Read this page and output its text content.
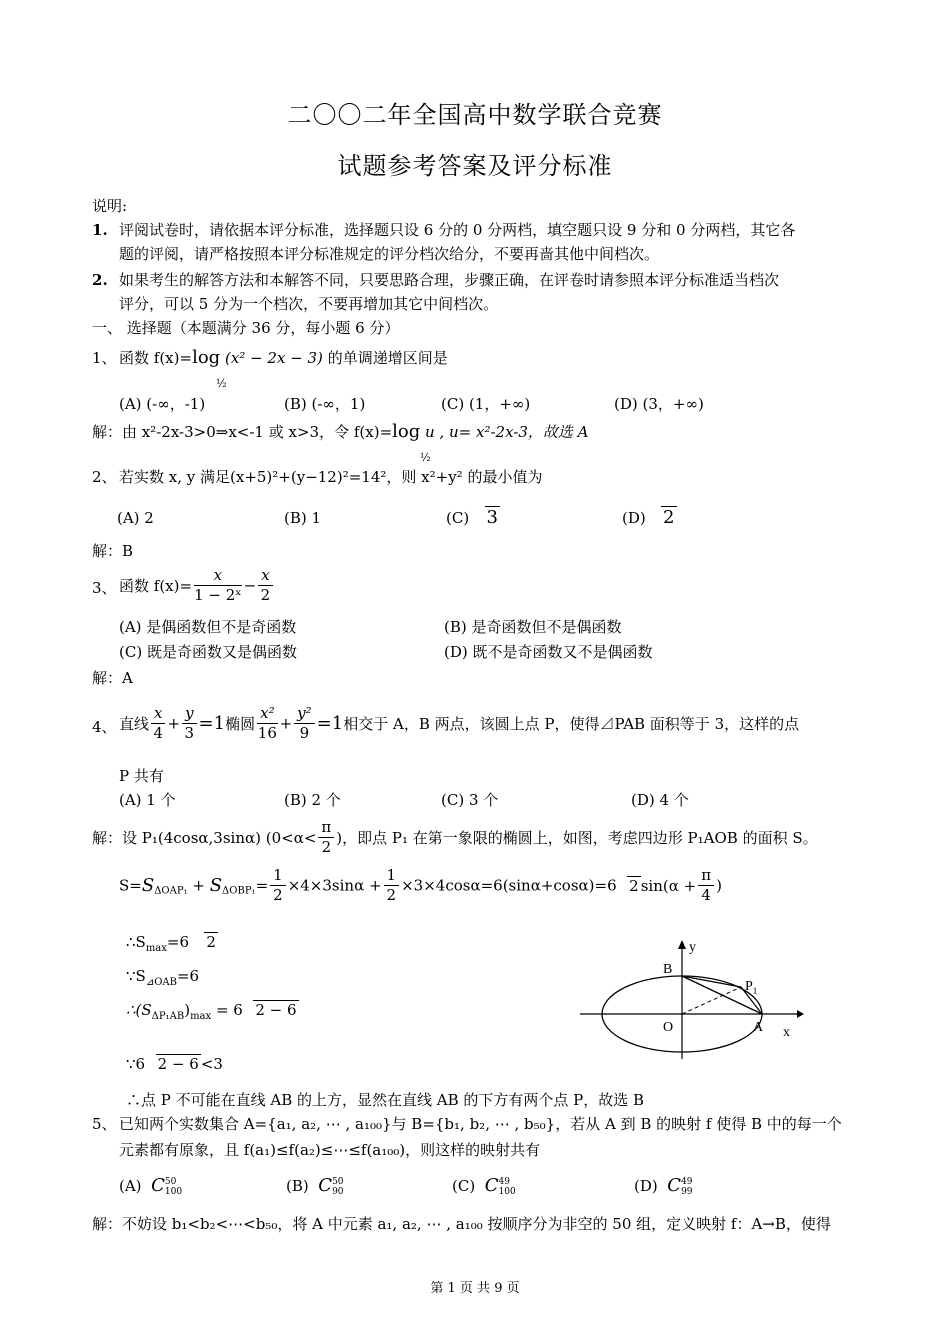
二〇〇二年全国高中数学联合竞赛
试题参考答案及评分标准
说明:
1. 评阅试卷时，请依据本评分标准，选择题只设 6 分的 0 分两档，填空题只设 9 分和 0 分两档，其它各
题的评阅，请严格按照本评分标准规定的评分档次给分，不要再啬其他中间档次。
2. 如果考生的解答方法和本解答不同，只要思路合理，步骤正确，在评卷时请参照本评分标准适当档次
评分，可以 5 分为一个档次，不要再增加其它中间档次。
一、 选择题（本题满分 36 分，每小题 6 分）
1、 函数 f(x)=log (x² − 2x − 3) 的单调递增区间是
½
(A) (-∞，-1)	(B) (-∞，1)	(C) (1，+∞)	(D) (3，+∞)
解：由 x²-2x-3>0⇒x<-1 或 x>3，令 f(x)=log u , u= x²-2x-3，故选 A
½
2、 若实数 x, y 满足(x+5)²+(y−12)²=14²，则 x²+y² 的最小值为
(A) 2	(B) 1	(C) 3	(D) 2
解：B
3、 函数 $f(x)= \frac{x}{\text{1 − 2ˣ}} - \frac{x}{2}$
(A) 是偶函数但不是奇函数	(B) 是奇函数但不是偶函数
(C) 既是奇函数又是偶函数	(D) 既不是奇函数又不是偶函数
解：A
4、 直线 $\frac{x}{4} + \frac{y}{3} =1$椭圆 $\frac{\text{x²}}{16} + \frac{\text{y²}}{9} =1$相交于 A，B 两点，该圆上点 P，使得⊿PAB 面积等于 3，这样的点
P 共有
(A) 1 个	(B) 2 个	(C) 3 个	(D) 4 个
解：设 P₁(4cosα,3sinα) ($0<\alpha< \frac{\pi}{2}$ )，即点 P₁ 在第一象限的椭圆上，如图，考虑四边形 P₁AOB 的面积 S。
$S=S_{\Delta OAP_1} + S_{\Delta OBP_1}= \frac{1}{2} \times 4\times 3\sin\alpha + \frac{1}{2} \times 3\times 4\cos\alpha=6(\sin\alpha+\cos\alpha)=6$ 2 $\sin(\alpha + \frac{\pi}{4}$ )
$\therefore S_{max}=6$ 2
$\because S_{⊿OAB}=6$
$\therefore(S_{\Delta P_1AB})_{max} = 6$ 2 − 6
∵6 2 − 6 <3
∴点 P 不可能在直线 AB 的上方，显然在直线 AB 的下方有两个点 P，故选 B
y
x
B
$P_1$
O	A
5、 已知两个实数集合 A={a₁, a₂, ⋯ , a₁₀₀}与 B={b₁, b₂, ⋯ , b₅₀}，若从 A 到 B 的映射 f 使得 B 中的每一个
元素都有原象，且 f(a₁)≤f(a₂)≤⋯≤f(a₁₀₀)，则这样的映射共有
(A) C50
100	(B) C50
90	(C) C49
100	(D) C49
99
解：不妨设 b₁<b₂<⋯<b₅₀，将 A 中元素 a₁, a₂, ⋯ , a₁₀₀ 按顺序分为非空的 50 组，定义映射 f：A→B，使得
第 1 页 共 9 页
